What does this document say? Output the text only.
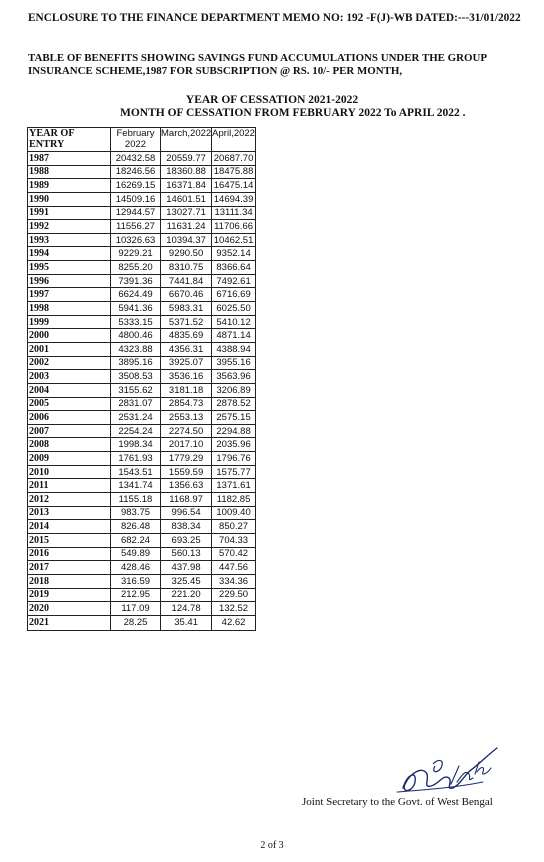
ENCLOSURE TO THE FINANCE DEPARTMENT MEMO NO: 192 -F(J)-WB DATED:---31/01/2022
TABLE OF BENEFITS SHOWING SAVINGS FUND ACCUMULATIONS UNDER THE GROUP
INSURANCE SCHEME,1987 FOR SUBSCRIPTION @ RS. 10/- PER MONTH,
YEAR OF CESSATION 2021-2022
MONTH OF CESSATION FROM FEBRUARY 2022 To APRIL 2022 .
YEAR OF ENTRY	February 2022	March,2022	April,2022
1987	20432.58	20559.77	20687.70
1988	18246.56	18360.88	18475.88
1989	16269.15	16371.84	16475.14
1990	14509.16	14601.51	14694.39
1991	12944.57	13027.71	13111.34
1992	11556.27	11631.24	11706.66
1993	10326.63	10394.37	10462.51
1994	9229.21	9290.50	9352.14
1995	8255.20	8310.75	8366.64
1996	7391.36	7441.84	7492.61
1997	6624.49	6670.46	6716.69
1998	5941.36	5983.31	6025.50
1999	5333.15	5371.52	5410.12
2000	4800.46	4835.69	4871.14
2001	4323.88	4356.31	4388.94
2002	3895.16	3925.07	3955.16
2003	3508.53	3536.16	3563.96
2004	3155.62	3181.18	3206.89
2005	2831.07	2854.73	2878.52
2006	2531.24	2553.13	2575.15
2007	2254.24	2274.50	2294.88
2008	1998.34	2017.10	2035.96
2009	1761.93	1779.29	1796.76
2010	1543.51	1559.59	1575.77
2011	1341.74	1356.63	1371.61
2012	1155.18	1168.97	1182.85
2013	983.75	996.54	1009.40
2014	826.48	838.34	850.27
2015	682.24	693.25	704.33
2016	549.89	560.13	570.42
2017	428.46	437.98	447.56
2018	316.59	325.45	334.36
2019	212.95	221.20	229.50
2020	117.09	124.78	132.52
2021	28.25	35.41	42.62
Joint Secretary to the Govt. of West Bengal
2 of 3
